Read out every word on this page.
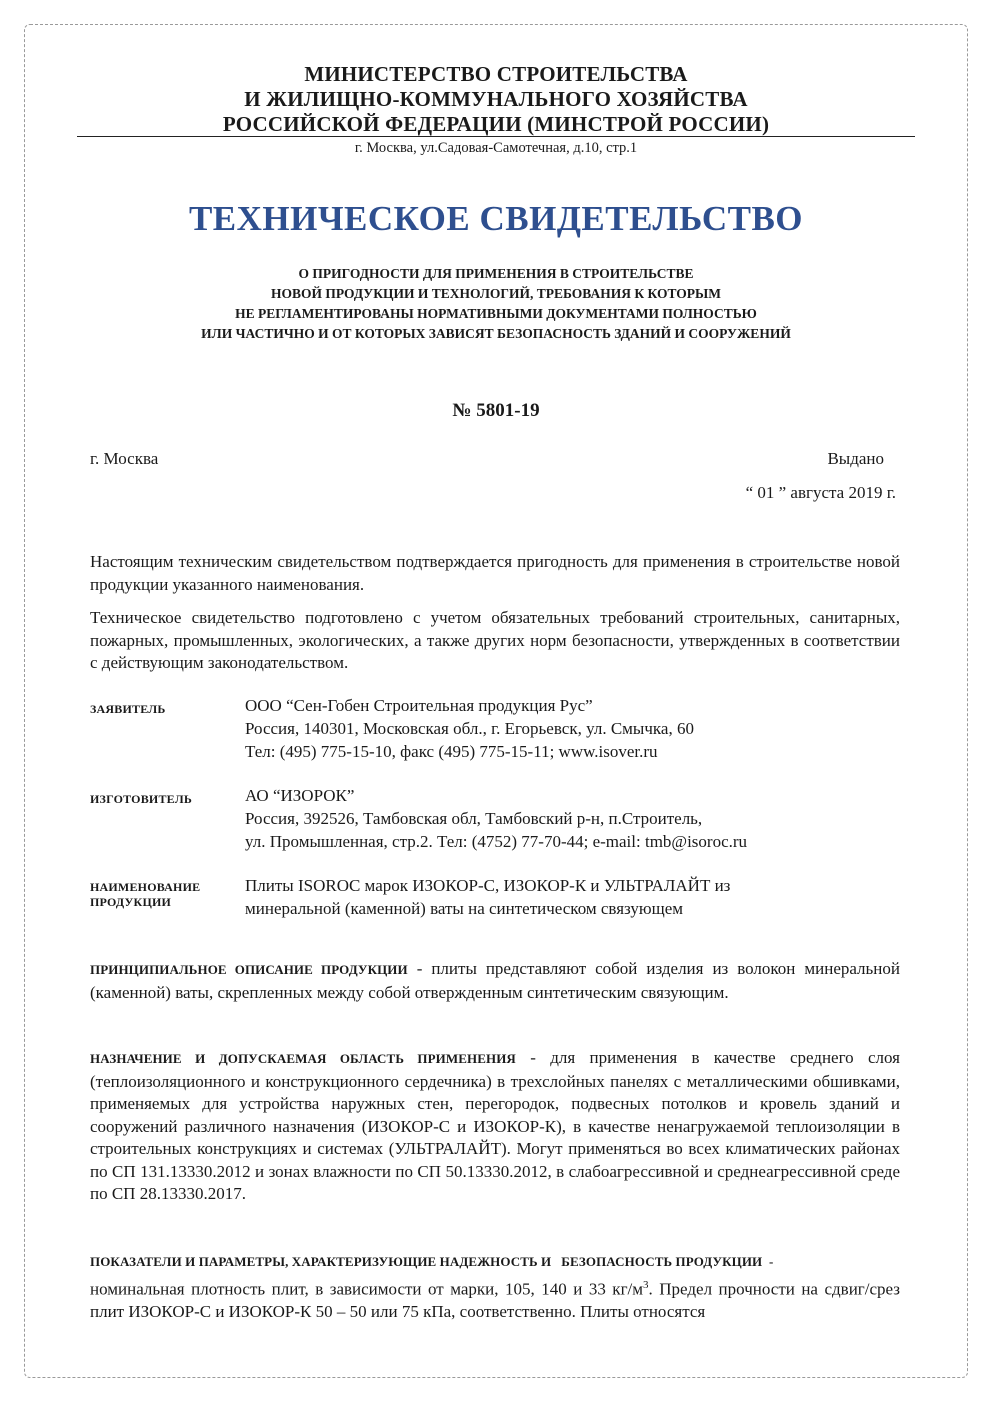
МИНИСТЕРСТВО СТРОИТЕЛЬСТВА
И ЖИЛИЩНО-КОММУНАЛЬНОГО ХОЗЯЙСТВА
РОССИЙСКОЙ ФЕДЕРАЦИИ (МИНСТРОЙ РОССИИ)
г. Москва, ул.Садовая-Самотечная, д.10, стр.1
ТЕХНИЧЕСКОЕ СВИДЕТЕЛЬСТВО
О ПРИГОДНОСТИ ДЛЯ ПРИМЕНЕНИЯ В СТРОИТЕЛЬСТВЕ
НОВОЙ ПРОДУКЦИИ И ТЕХНОЛОГИЙ, ТРЕБОВАНИЯ К КОТОРЫМ
НЕ РЕГЛАМЕНТИРОВАНЫ НОРМАТИВНЫМИ ДОКУМЕНТАМИ ПОЛНОСТЬЮ
ИЛИ ЧАСТИЧНО И ОТ КОТОРЫХ ЗАВИСЯТ БЕЗОПАСНОСТЬ ЗДАНИЙ И СООРУЖЕНИЙ
№ 5801-19
г. Москва	Выдано
“ 01 ” августа 2019 г.
Настоящим техническим свидетельством подтверждается пригодность для применения в строительстве новой продукции указанного наименования.
Техническое свидетельство подготовлено с учетом обязательных требований строительных, санитарных, пожарных, промышленных, экологических, а также других норм безопасности, утвержденных в соответствии с действующим законодательством.
ЗАЯВИТЕЛЬ	ООО “Сен-Гобен Строительная продукция Рус”
Россия, 140301, Московская обл., г. Егорьевск, ул. Смычка, 60
Тел: (495) 775-15-10, факс (495) 775-15-11; www.isover.ru
ИЗГОТОВИТЕЛЬ	АО “ИЗОРОК”
Россия, 392526, Тамбовская обл, Тамбовский р-н, п.Строитель,
ул. Промышленная, стр.2. Тел: (4752) 77-70-44; e-mail: tmb@isoroc.ru
НАИМЕНОВАНИЕ
ПРОДУКЦИИ
Плиты ISOROC марок ИЗОКОР-С, ИЗОКОР-К и УЛЬТРАЛАЙТ из
минеральной (каменной) ваты на синтетическом связующем
ПРИНЦИПИАЛЬНОЕ ОПИСАНИЕ ПРОДУКЦИИ - плиты представляют собой изделия из волокон минеральной (каменной) ваты, скрепленных между собой отвержденным синтетическим связующим.
НАЗНАЧЕНИЕ И ДОПУСКАЕМАЯ ОБЛАСТЬ ПРИМЕНЕНИЯ - для применения в качестве среднего слоя (теплоизоляционного и конструкционного сердечника) в трехслойных панелях с металлическими обшивками, применяемых для устройства наружных стен, перегородок, подвесных потолков и кровель зданий и сооружений различного назначения (ИЗОКОР-С и ИЗОКОР-К), в качестве ненагружаемой теплоизоляции в строительных конструкциях и системах (УЛЬТРАЛАЙТ). Могут применяться во всех климатических районах по СП 131.13330.2012 и зонах влажности по СП 50.13330.2012, в слабоагрессивной и среднеагрессивной среде по СП 28.13330.2017.
ПОКАЗАТЕЛИ И ПАРАМЕТРЫ, ХАРАКТЕРИЗУЮЩИЕ НАДЕЖНОСТЬ И   БЕЗОПАСНОСТЬ ПРОДУКЦИИ  -
номинальная плотность плит, в зависимости от марки, 105, 140 и 33 $кг/м^3$. Предел прочности на сдвиг/срез плит ИЗОКОР-С и ИЗОКОР-К 50 – 50 или 75 кПа, соответственно. Плиты относятся
